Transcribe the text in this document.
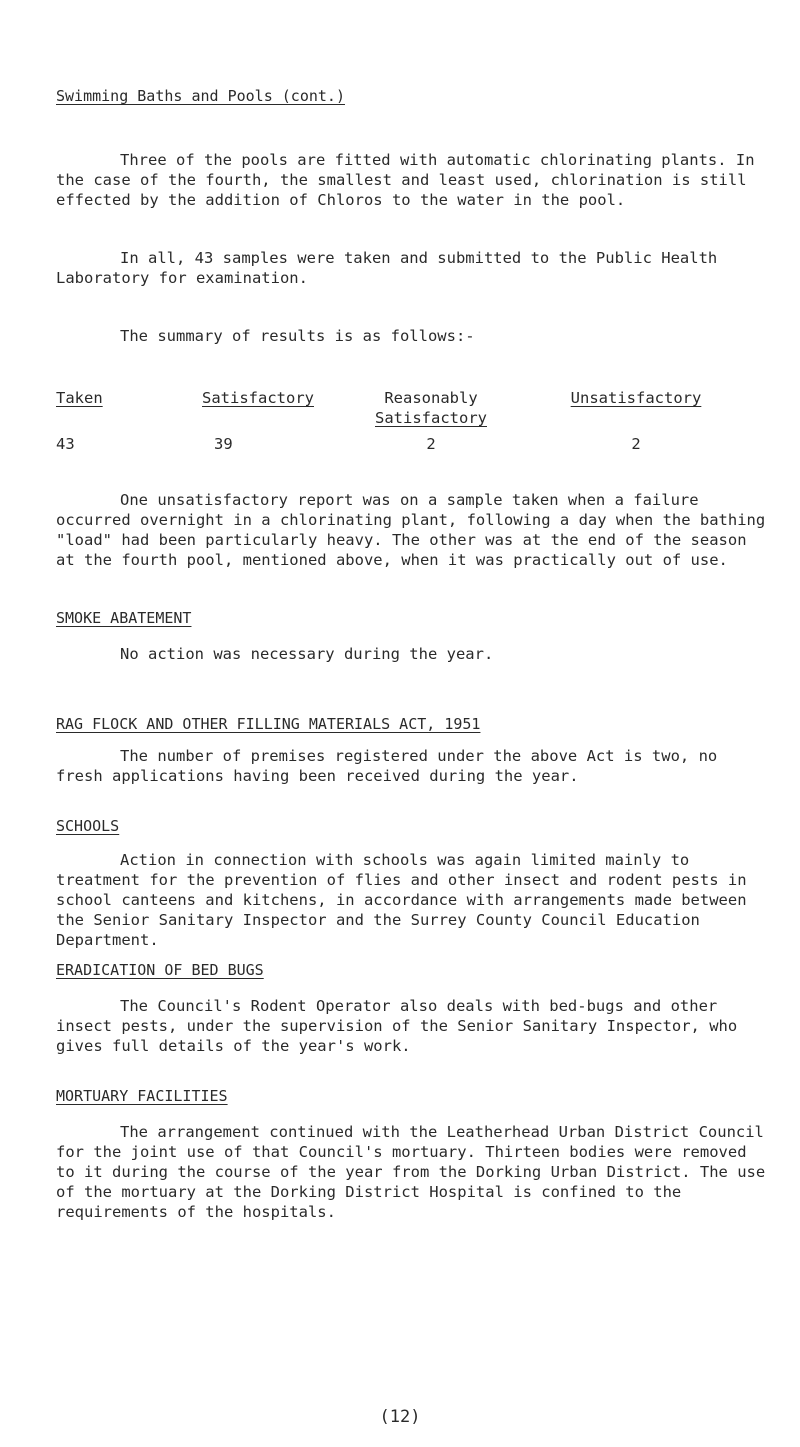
Swimming Baths and Pools (cont.)
Three of the pools are fitted with automatic chlorinating plants. In the case of the fourth, the smallest and least used, chlorination is still effected by the addition of Chloros to the water in the pool.
In all, 43 samples were taken and submitted to the Public Health Laboratory for examination.
The summary of results is as follows:-
Taken
43
Satisfactory
39
Reasonably
Satisfactory
2
Unsatisfactory
2
One unsatisfactory report was on a sample taken when a failure occurred overnight in a chlorinating plant, following a day when the bathing "load" had been particularly heavy. The other was at the end of the season at the fourth pool, mentioned above, when it was practically out of use.
SMOKE ABATEMENT
No action was necessary during the year.
RAG FLOCK AND OTHER FILLING MATERIALS ACT, 1951
The number of premises registered under the above Act is two, no fresh applications having been received during the year.
SCHOOLS
Action in connection with schools was again limited mainly to treatment for the prevention of flies and other insect and rodent pests in school canteens and kitchens, in accordance with arrangements made between the Senior Sanitary Inspector and the Surrey County Council Education Department.
ERADICATION OF BED BUGS
The Council's Rodent Operator also deals with bed-bugs and other insect pests, under the supervision of the Senior Sanitary Inspector, who gives full details of the year's work.
MORTUARY FACILITIES
The arrangement continued with the Leatherhead Urban District Council for the joint use of that Council's mortuary. Thirteen bodies were removed to it during the course of the year from the Dorking Urban District. The use of the mortuary at the Dorking District Hospital is confined to the requirements of the hospitals.
(12)
